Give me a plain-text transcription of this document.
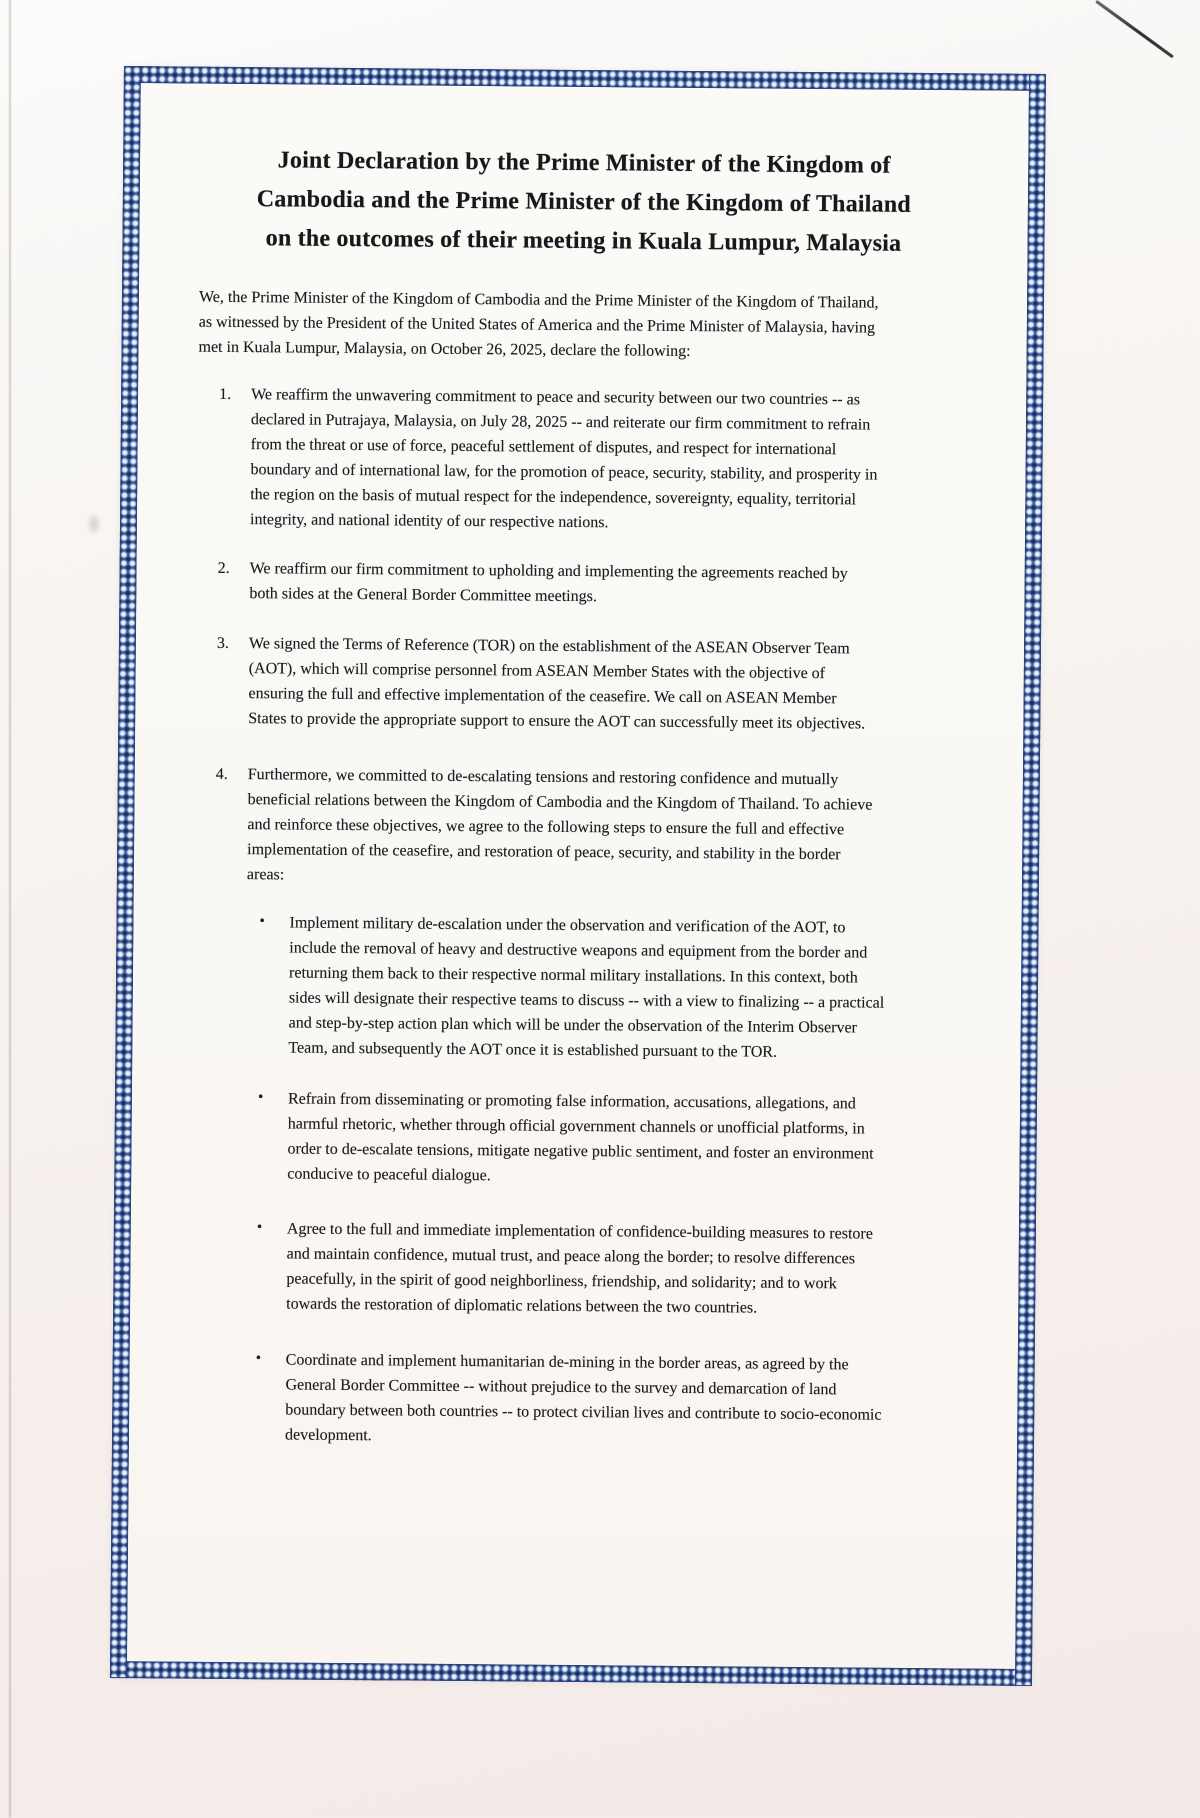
Joint Declaration by the Prime Minister of the Kingdom of
Cambodia and the Prime Minister of the Kingdom of Thailand
on the outcomes of their meeting in Kuala Lumpur, Malaysia

We, the Prime Minister of the Kingdom of Cambodia and the Prime Minister of the Kingdom of Thailand, as witnessed by the President of the United States of America and the Prime Minister of Malaysia, having met in Kuala Lumpur, Malaysia, on October 26, 2025, declare the following:

1. We reaffirm the unwavering commitment to peace and security between our two countries -- as declared in Putrajaya, Malaysia, on July 28, 2025 -- and reiterate our firm commitment to refrain from the threat or use of force, peaceful settlement of disputes, and respect for international boundary and of international law, for the promotion of peace, security, stability, and prosperity in the region on the basis of mutual respect for the independence, sovereignty, equality, territorial integrity, and national identity of our respective nations.
2. We reaffirm our firm commitment to upholding and implementing the agreements reached by both sides at the General Border Committee meetings.
3. We signed the Terms of Reference (TOR) on the establishment of the ASEAN Observer Team (AOT), which will comprise personnel from ASEAN Member States with the objective of ensuring the full and effective implementation of the ceasefire. We call on ASEAN Member States to provide the appropriate support to ensure the AOT can successfully meet its objectives.
4. Furthermore, we committed to de-escalating tensions and restoring confidence and mutually beneficial relations between the Kingdom of Cambodia and the Kingdom of Thailand. To achieve and reinforce these objectives, we agree to the following steps to ensure the full and effective implementation of the ceasefire, and restoration of peace, security, and stability in the border areas:
• Implement military de-escalation under the observation and verification of the AOT, to include the removal of heavy and destructive weapons and equipment from the border and returning them back to their respective normal military installations. In this context, both sides will designate their respective teams to discuss -- with a view to finalizing -- a practical and step-by-step action plan which will be under the observation of the Interim Observer Team, and subsequently the AOT once it is established pursuant to the TOR.
• Refrain from disseminating or promoting false information, accusations, allegations, and harmful rhetoric, whether through official government channels or unofficial platforms, in order to de-escalate tensions, mitigate negative public sentiment, and foster an environment conducive to peaceful dialogue.
• Agree to the full and immediate implementation of confidence-building measures to restore and maintain confidence, mutual trust, and peace along the border; to resolve differences peacefully, in the spirit of good neighborliness, friendship, and solidarity; and to work towards the restoration of diplomatic relations between the two countries.
• Coordinate and implement humanitarian de-mining in the border areas, as agreed by the General Border Committee -- without prejudice to the survey and demarcation of land boundary between both countries -- to protect civilian lives and contribute to socio-economic development.
